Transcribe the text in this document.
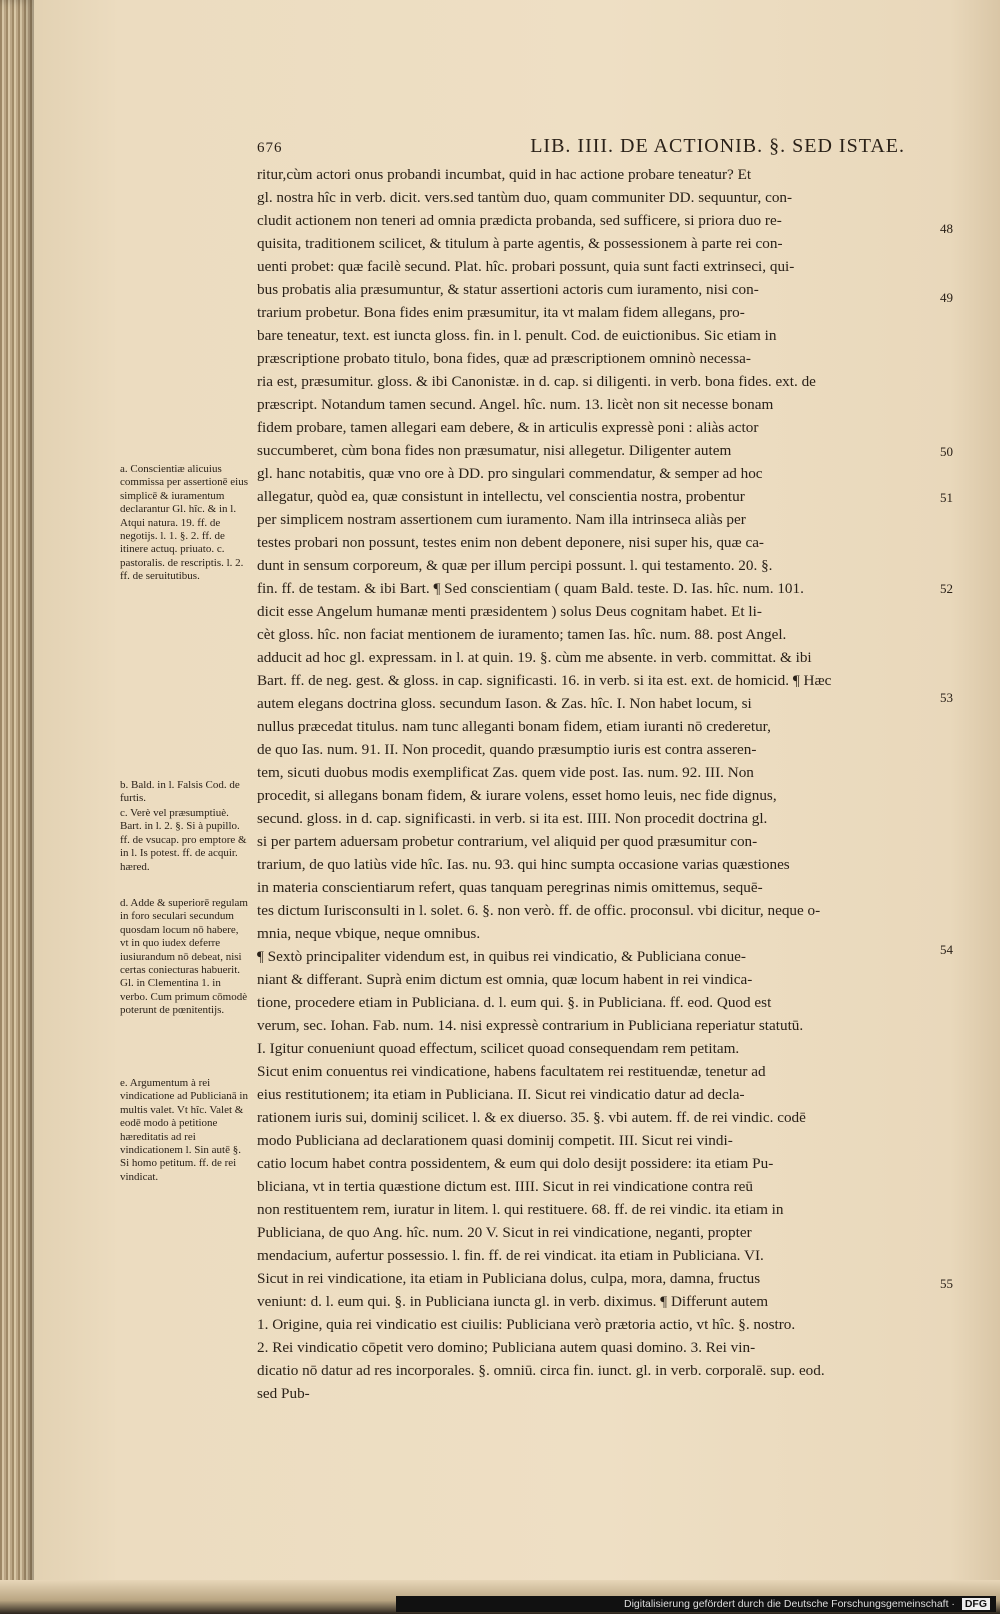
676	LIB. IIII. DE ACTIONIB. §. SED ISTAE.
ritur,cùm actori onus probandi incumbat, quid in hac actione probare teneatur? Et
gl. nostra hîc in verb. dicit. vers.sed tantùm duo, quam communiter DD. sequuntur, con-
cludit actionem non teneri ad omnia prædicta probanda, sed sufficere, si priora duo re-
quisita, traditionem scilicet, & titulum à parte agentis, & possessionem à parte rei con-
uenti probet: quæ facilè secund. Plat. hîc. probari possunt, quia sunt facti extrinseci, qui-
bus probatis alia præsumuntur, & statur assertioni actoris cum iuramento, nisi con-
trarium probetur. Bona fides enim præsumitur, ita vt malam fidem allegans, pro-
bare teneatur, text. est iuncta gloss. fin. in l. penult. Cod. de euictionibus. Sic etiam in
præscriptione probato titulo, bona fides, quæ ad præscriptionem omninò necessa-
ria est, præsumitur. gloss. & ibi Canonistæ. in d. cap. si diligenti. in verb. bona fides. ext. de
præscript. Notandum tamen secund. Angel. hîc. num. 13. licèt non sit necesse bonam
fidem probare, tamen allegari eam debere, & in articulis expressè poni : aliàs actor
succumberet, cùm bona fides non præsumatur, nisi allegetur. Diligenter autem
gl. hanc notabitis, quæ vno ore à DD. pro singulari commendatur, & semper ad hoc
allegatur, quòd ea, quæ consistunt in intellectu, vel conscientia nostra, probentur
per simplicem nostram assertionem cum iuramento. Nam illa intrinseca aliàs per
testes probari non possunt, testes enim non debent deponere, nisi super his, quæ ca-
dunt in sensum corporeum, & quæ per illum percipi possunt. l. qui testamento. 20. §.
fin. ff. de testam. & ibi Bart. ¶ Sed conscientiam ( quam Bald. teste. D. Ias. hîc. num. 101.
dicit esse Angelum humanæ menti præsidentem ) solus Deus cognitam habet. Et li-
cèt gloss. hîc. non faciat mentionem de iuramento; tamen Ias. hîc. num. 88. post Angel.
adducit ad hoc gl. expressam. in l. at quin. 19. §. cùm me absente. in verb. committat. & ibi
Bart. ff. de neg. gest. & gloss. in cap. significasti. 16. in verb. si ita est. ext. de homicid. ¶ Hæc
autem elegans doctrina gloss. secundum Iason. & Zas. hîc. I. Non habet locum, si
nullus præcedat titulus. nam tunc alleganti bonam fidem, etiam iuranti nō crederetur,
de quo Ias. num. 91. II. Non procedit, quando præsumptio iuris est contra asseren-
tem, sicuti duobus modis exemplificat Zas. quem vide post. Ias. num. 92. III. Non
procedit, si allegans bonam fidem, & iurare volens, esset homo leuis, nec fide dignus,
secund. gloss. in d. cap. significasti. in verb. si ita est. IIII. Non procedit doctrina gl.
si per partem aduersam probetur contrarium, vel aliquid per quod præsumitur con-
trarium, de quo latiùs vide hîc. Ias. nu. 93. qui hinc sumpta occasione varias quæstiones
in materia conscientiarum refert, quas tanquam peregrinas nimis omittemus, sequē-
tes dictum Iurisconsulti in l. solet. 6. §. non verò. ff. de offic. proconsul. vbi dicitur, neque o-
mnia, neque vbique, neque omnibus.
¶ Sextò principaliter videndum est, in quibus rei vindicatio, & Publiciana conue-
niant & differant. Suprà enim dictum est omnia, quæ locum habent in rei vindica-
tione, procedere etiam in Publiciana. d. l. eum qui. §. in Publiciana. ff. eod. Quod est
verum, sec. Iohan. Fab. num. 14. nisi expressè contrarium in Publiciana reperiatur statutū.
I. Igitur conueniunt quoad effectum, scilicet quoad consequendam rem petitam.
Sicut enim conuentus rei vindicatione, habens facultatem rei restituendæ, tenetur ad
eius restitutionem; ita etiam in Publiciana. II. Sicut rei vindicatio datur ad decla-
rationem iuris sui, dominij scilicet. l. & ex diuerso. 35. §. vbi autem. ff. de rei vindic. codē
modo Publiciana ad declarationem quasi dominij competit. III. Sicut rei vindi-
catio locum habet contra possidentem, & eum qui dolo desijt possidere: ita etiam Pu-
bliciana, vt in tertia quæstione dictum est. IIII. Sicut in rei vindicatione contra reū
non restituentem rem, iuratur in litem. l. qui restituere. 68. ff. de rei vindic. ita etiam in
Publiciana, de quo Ang. hîc. num. 20 V. Sicut in rei vindicatione, neganti, propter
mendacium, aufertur possessio. l. fin. ff. de rei vindicat. ita etiam in Publiciana. VI.
Sicut in rei vindicatione, ita etiam in Publiciana dolus, culpa, mora, damna, fructus
veniunt: d. l. eum qui. §. in Publiciana iuncta gl. in verb. diximus. ¶ Differunt autem
1. Origine, quia rei vindicatio est ciuilis: Publiciana verò prætoria actio, vt hîc. §. nostro.
2. Rei vindicatio cōpetit vero domino; Publiciana autem quasi domino. 3. Rei vin-
dicatio nō datur ad res incorporales. §. omniū. circa fin. iunct. gl. in verb. corporalē. sup. eod.
sed Pub-
a. Conscientiæ alicuius commissa per assertionē eius simplicē & iuramentum declarantur Gl. hîc. & in l. Atqui natura. 19. ff. de negotijs. l. 1. §. 2. ff. de itinere actuq. priuato. c. pastoralis. de rescriptis. l. 2. ff. de seruitutibus.
b. Bald. in l. Falsis Cod. de furtis.
c. Verè vel præsumptiuè. Bart. in l. 2. §. Si à pupillo. ff. de vsucap. pro emptore & in l. Is potest. ff. de acquir. hæred.
d. Adde & superiorē regulam in foro seculari secundum quosdam locum nō habere, vt in quo iudex deferre iusiurandum nō debeat, nisi certas coniecturas habuerit. Gl. in Clementina 1. in verbo. Cum primum cōmodè poterunt de pœnitentijs.
e. Argumentum à rei vindicatione ad Publicianā in multis valet. Vt hîc. Valet & eodē modo à petitione hæreditatis ad rei vindicationem l. Sin autē §. Si homo petitum. ff. de rei vindicat.
48
49
50
51
52
53
54
55
Digitalisierung gefördert durch die Deutsche Forschungsgemeinschaft · DFG
